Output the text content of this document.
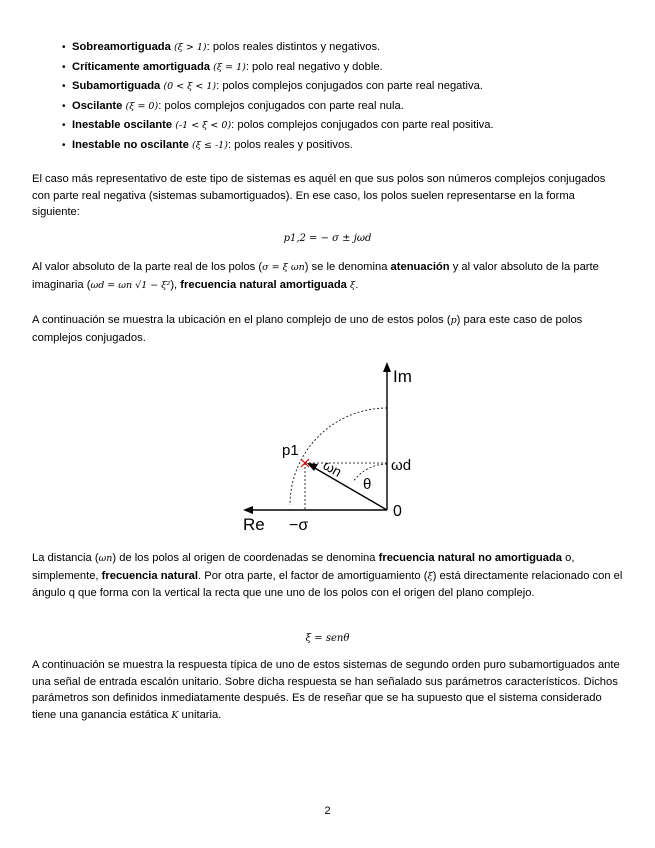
• Sobreamortiguada (ξ > 1): polos reales distintos y negativos.
• Críticamente amortiguada (ξ = 1): polo real negativo y doble.
• Subamortiguada (0 < ξ < 1): polos complejos conjugados con parte real negativa.
• Oscilante (ξ = 0): polos complejos conjugados con parte real nula.
• Inestable oscilante (-1 < ξ < 0): polos complejos conjugados con parte real positiva.
• Inestable no oscilante (ξ ≤ -1): polos reales y positivos.

El caso más representativo de este tipo de sistemas es aquél en que sus polos son números complejos conjugados con parte real negativa (sistemas subamortiguados). En ese caso, los polos suelen representarse en la forma siguiente:

p1,2 = − σ ± jωd

Al valor absoluto de la parte real de los polos (σ = ξ ωn) se le denomina atenuación y al valor absoluto de la parte imaginaria (ωd = ωn √1 − ξ²), frecuencia natural amortiguada ξ.

A continuación se muestra la ubicación en el plano complejo de uno de estos polos (p) para este caso de polos complejos conjugados.

Im
Re
0
−σ
ωd
ωn
θ
p1

La distancia (ωn) de los polos al origen de coordenadas se denomina frecuencia natural no amortiguada o, simplemente, frecuencia natural. Por otra parte, el factor de amortiguamiento (ξ) está directamente relacionado con el ángulo q que forma con la vertical la recta que une uno de los polos con el origen del plano complejo.

ξ = senθ

A continuación se muestra la respuesta típica de uno de estos sistemas de segundo orden puro subamortiguados ante una señal de entrada escalón unitario. Sobre dicha respuesta se han señalado sus parámetros característicos. Dichos parámetros son definidos inmediatamente después. Es de reseñar que se ha supuesto que el sistema considerado tiene una ganancia estática K unitaria.

2
